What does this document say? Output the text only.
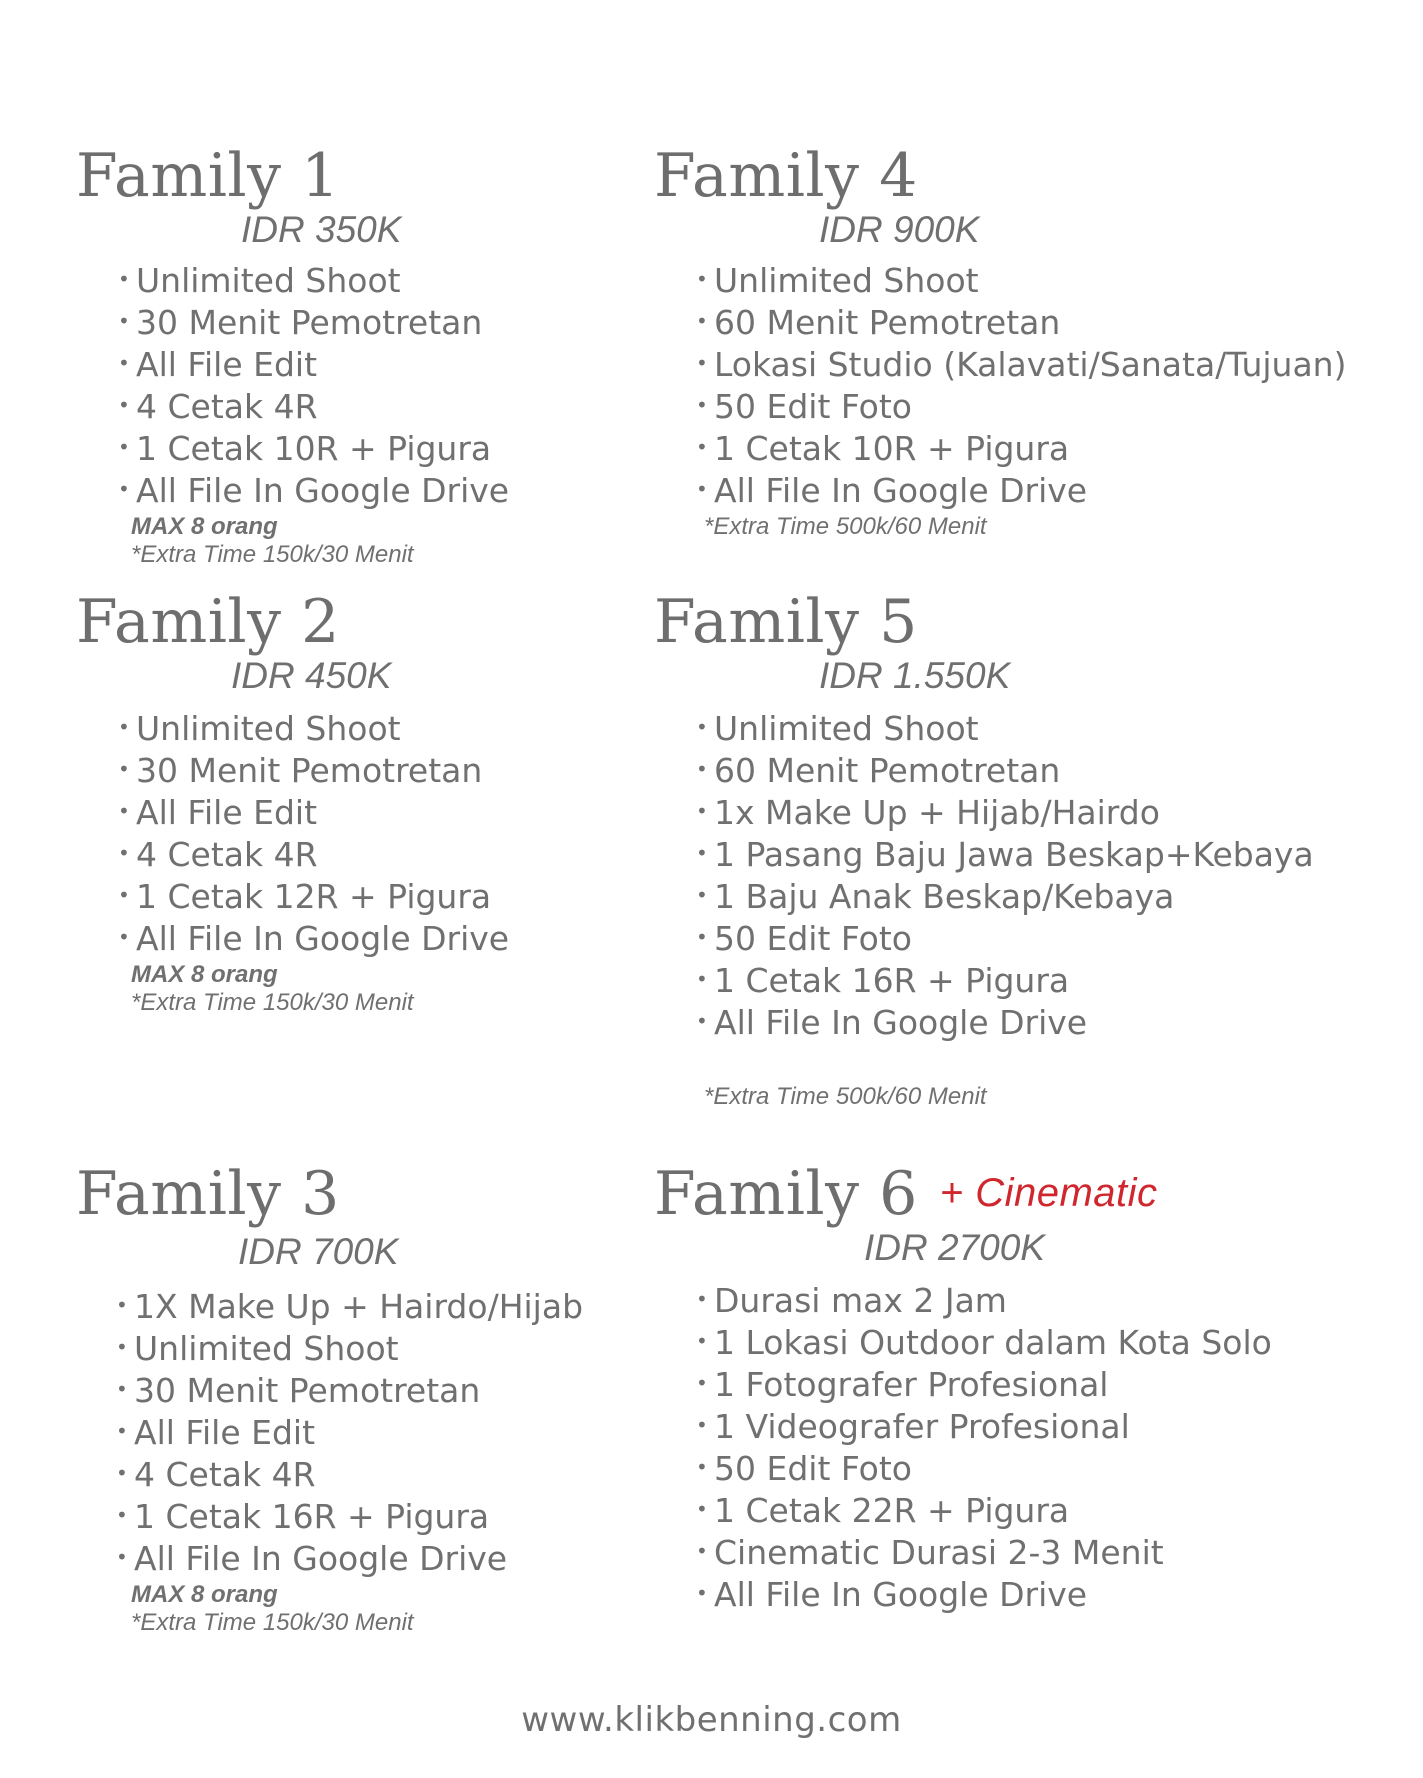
Family 1
IDR 350K
• Unlimited Shoot
• 30 Menit Pemotretan
• All File Edit
• 4 Cetak 4R
• 1 Cetak 10R + Pigura
• All File In Google Drive
MAX 8 orang
*Extra Time 150k/30 Menit
Family 2
IDR 450K
• Unlimited Shoot
• 30 Menit Pemotretan
• All File Edit
• 4 Cetak 4R
• 1 Cetak 12R + Pigura
• All File In Google Drive
MAX 8 orang
*Extra Time 150k/30 Menit
Family 3
IDR 700K
• 1X Make Up + Hairdo/Hijab
• Unlimited Shoot
• 30 Menit Pemotretan
• All File Edit
• 4 Cetak 4R
• 1 Cetak 16R + Pigura
• All File In Google Drive
MAX 8 orang
*Extra Time 150k/30 Menit
Family 4
IDR 900K
• Unlimited Shoot
• 60 Menit Pemotretan
• Lokasi Studio (Kalavati/Sanata/Tujuan)
• 50 Edit Foto
• 1 Cetak 10R + Pigura
• All File In Google Drive
*Extra Time 500k/60 Menit
Family 5
IDR 1.550K
• Unlimited Shoot
• 60 Menit Pemotretan
• 1x Make Up + Hijab/Hairdo
• 1 Pasang Baju Jawa Beskap+Kebaya
• 1 Baju Anak Beskap/Kebaya
• 50 Edit Foto
• 1 Cetak 16R + Pigura
• All File In Google Drive
*Extra Time 500k/60 Menit
Family 6 + Cinematic
IDR 2700K
• Durasi max 2 Jam
• 1 Lokasi Outdoor dalam Kota Solo
• 1 Fotografer Profesional
• 1 Videografer Profesional
• 50 Edit Foto
• 1 Cetak 22R + Pigura
• Cinematic Durasi 2-3 Menit
• All File In Google Drive
www.klikbenning.com
